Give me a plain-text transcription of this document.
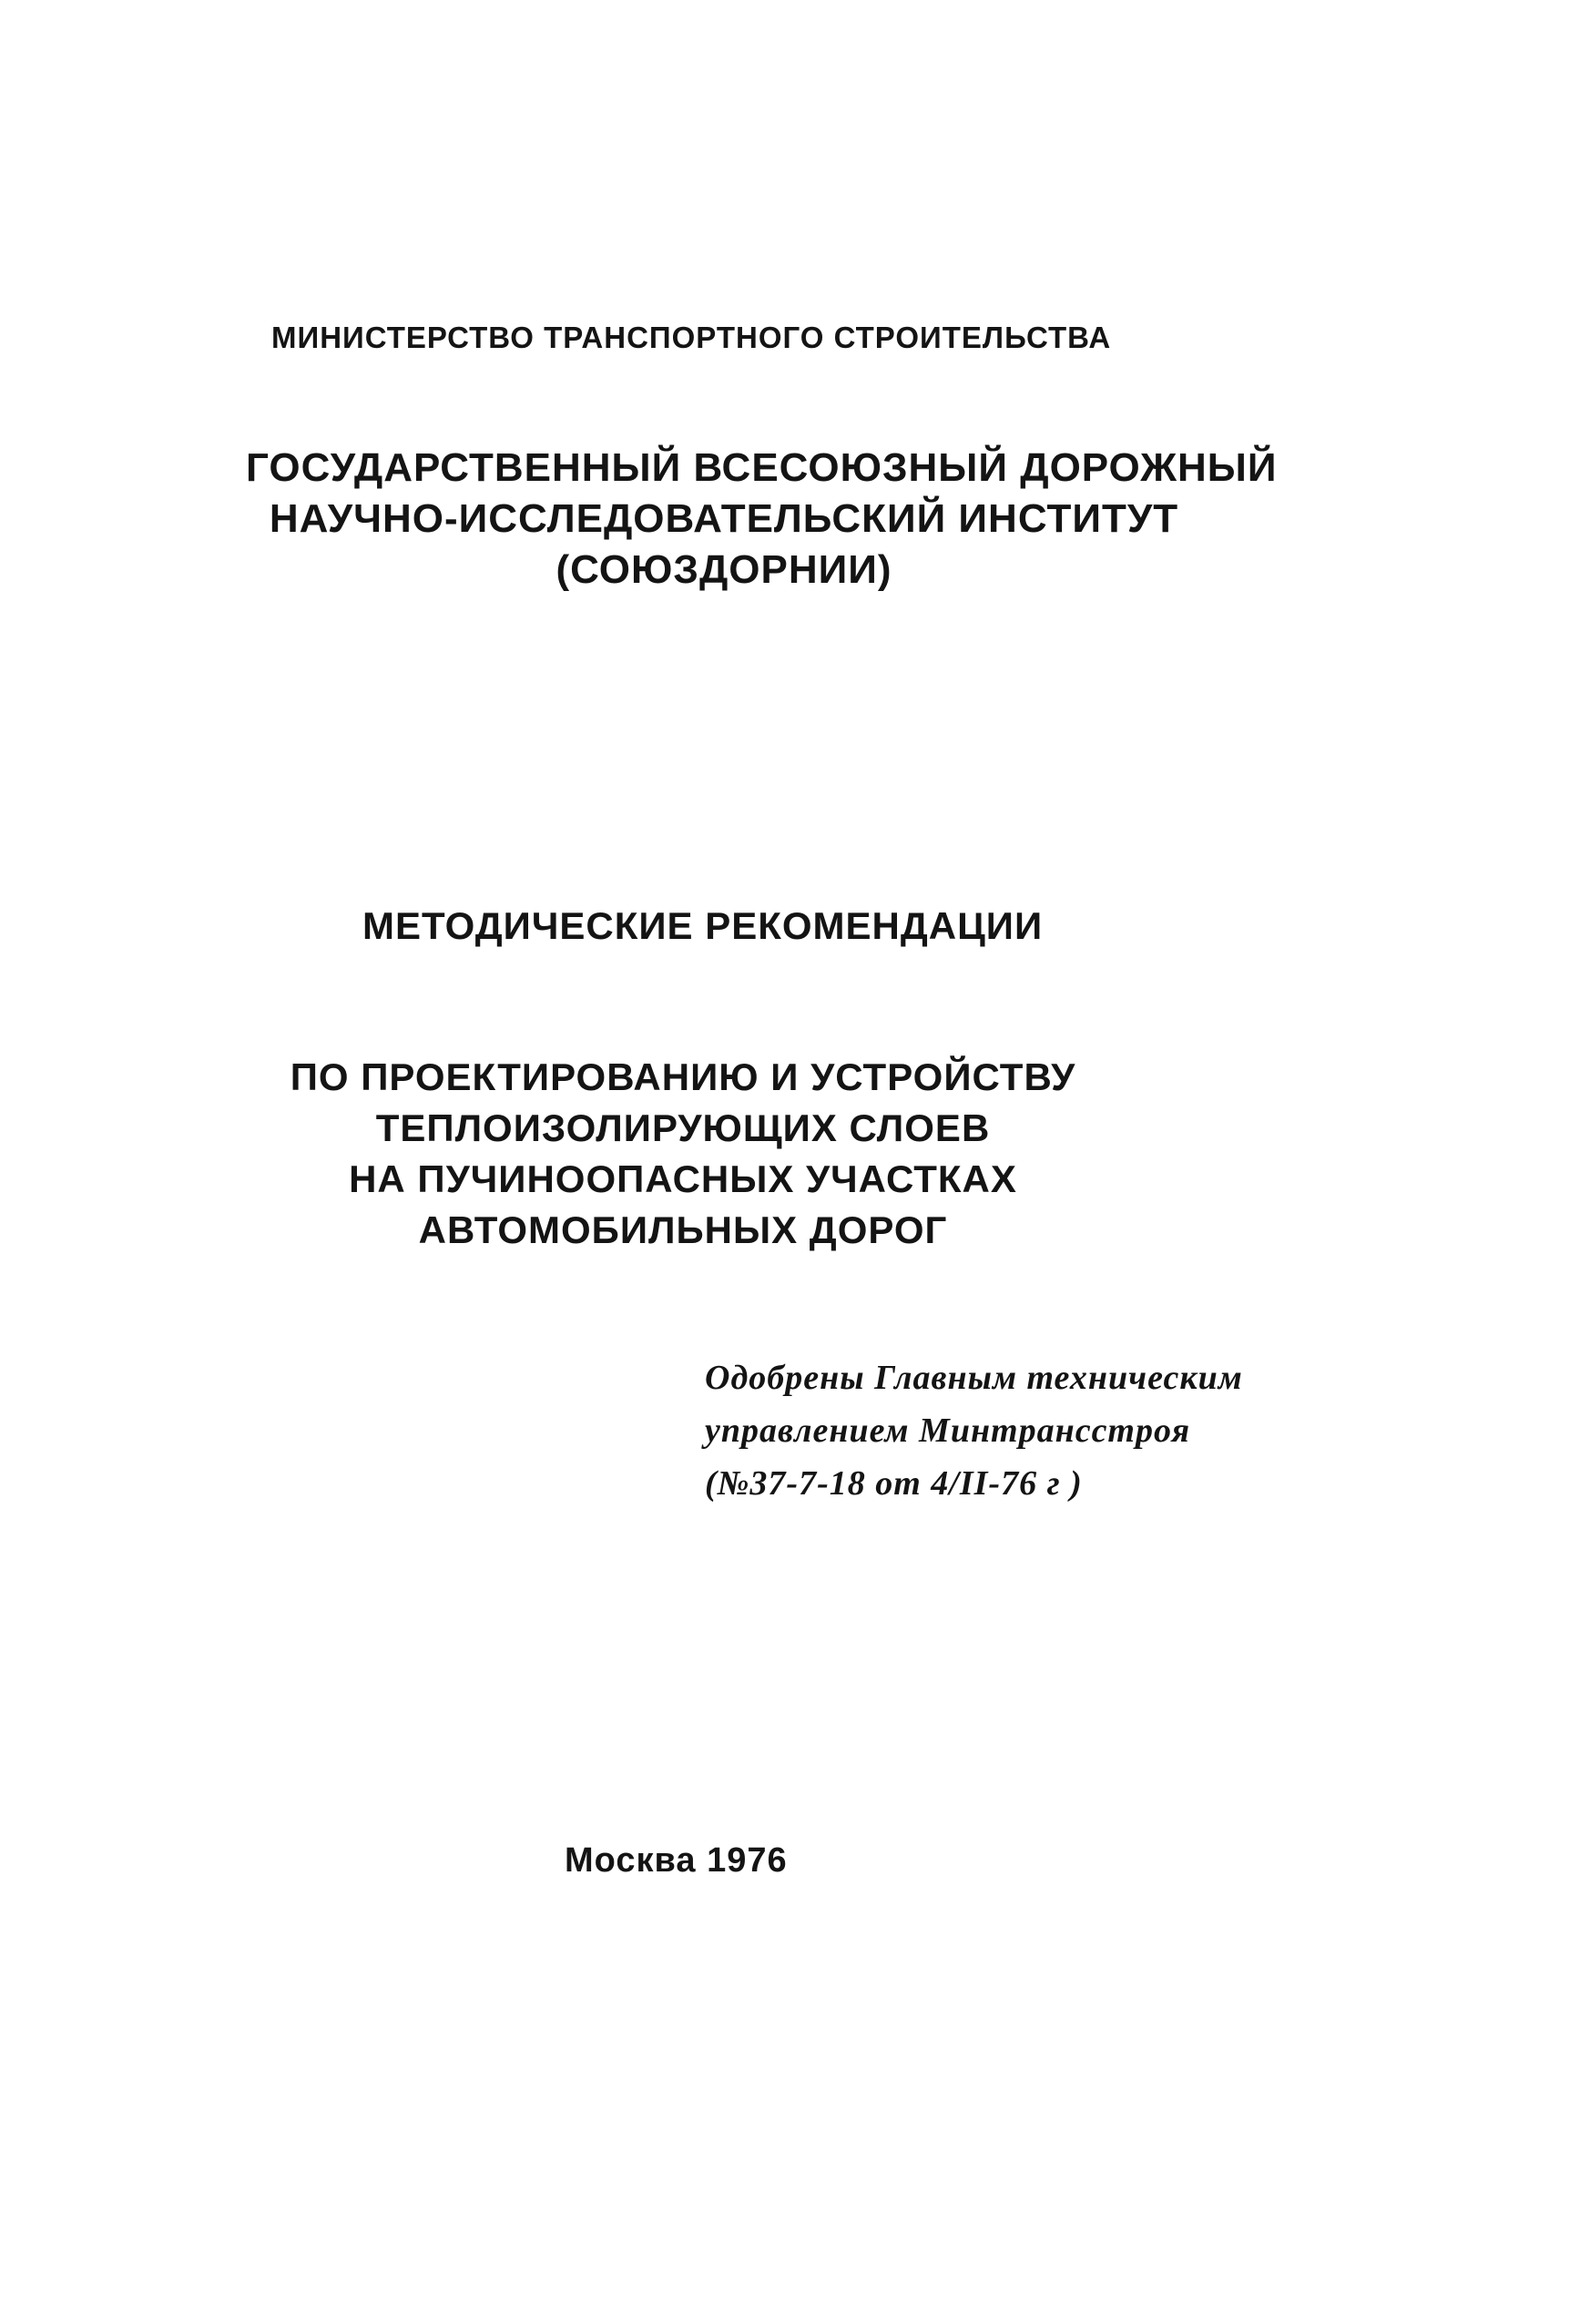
МИНИСТЕРСТВО ТРАНСПОРТНОГО СТРОИТЕЛЬСТВА

ГОСУДАРСТВЕННЫЙ ВСЕСОЮЗНЫЙ ДОРОЖНЫЙ

НАУЧНО-ИССЛЕДОВАТЕЛЬСКИЙ ИНСТИТУТ

(СОЮЗДОРНИИ)

МЕТОДИЧЕСКИЕ РЕКОМЕНДАЦИИ

ПО ПРОЕКТИРОВАНИЮ И УСТРОЙСТВУ

ТЕПЛОИЗОЛИРУЮЩИХ СЛОЕВ

НА ПУЧИНООПАСНЫХ УЧАСТКАХ

АВТОМОБИЛЬНЫХ ДОРОГ

Одобрены Главным техническим

управлением Минтрансстроя

(№37-7-18 от 4/II-76 г )

Москва 1976
